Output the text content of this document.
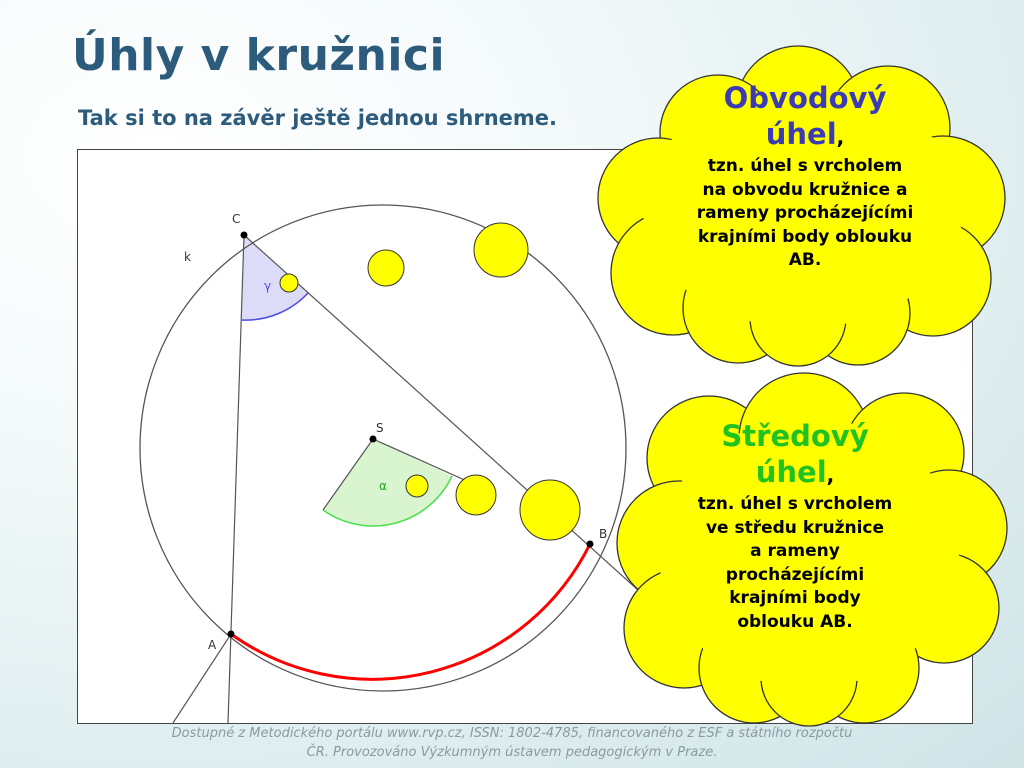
Úhly v kružnici
Tak si to na závěr ještě jednou shrneme.
C
S
A
B
k
γ
α
Obvodový
úhel,
tzn. úhel s vrcholem
na obvodu kružnice a
rameny procházejícími
krajními body oblouku
AB.
Středový
úhel,
tzn. úhel s vrcholem
ve středu kružnice
a rameny
procházejícími
krajními body
oblouku AB.
Dostupné z Metodického portálu www.rvp.cz, ISSN: 1802-4785, financovaného z ESF a státního rozpočtu
ČR. Provozováno Výzkumným ústavem pedagogickým v Praze.
